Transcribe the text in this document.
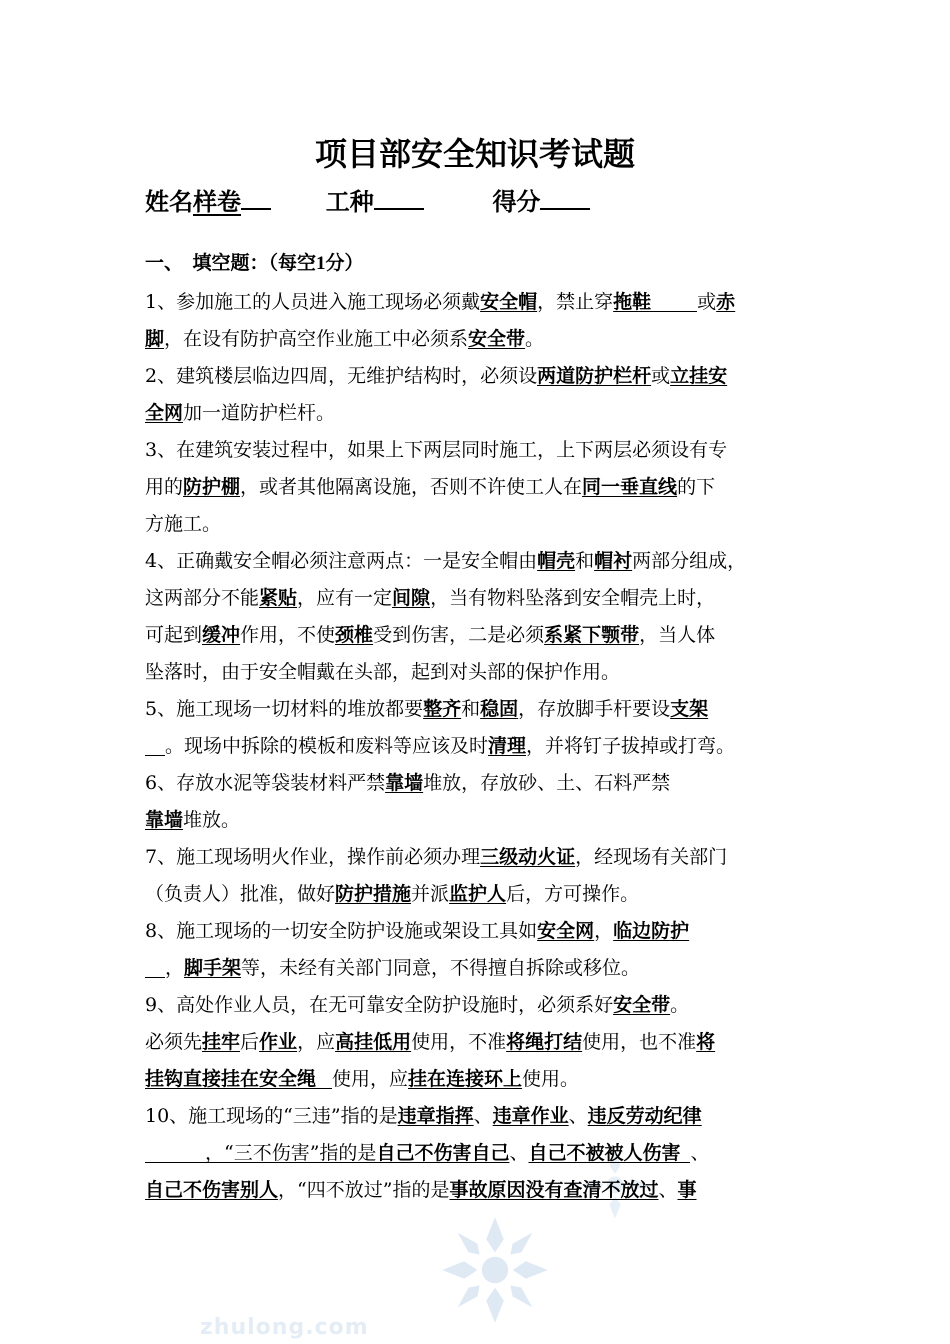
zhulong.com
项目部安全知识考试题
姓名样卷	工种	得分
一、　填空题：（每空1分）
1、参加施工的人员进入施工现场必须戴安全帽，禁止穿拖鞋 或赤
脚，在设有防护高空作业施工中必须系安全带。
2、建筑楼层临边四周，无维护结构时，必须设两道防护栏杆或立挂安
全网加一道防护栏杆。
3、在建筑安装过程中，如果上下两层同时施工，上下两层必须设有专
用的防护棚，或者其他隔离设施，否则不许使工人在同一垂直线的下
方施工。
4、正确戴安全帽必须注意两点：一是安全帽由帽壳和帽衬两部分组成，
这两部分不能紧贴，应有一定间隙，当有物料坠落到安全帽壳上时，
可起到缓冲作用，不使颈椎受到伤害，二是必须系紧下颚带，当人体
坠落时，由于安全帽戴在头部，起到对头部的保护作用。
5、施工现场一切材料的堆放都要整齐和稳固，存放脚手杆要设支架
。现场中拆除的模板和废料等应该及时清理，并将钉子拔掉或打弯。
6、存放水泥等袋装材料严禁靠墙堆放，存放砂、土、石料严禁
靠墙堆放。
7、施工现场明火作业，操作前必须办理三级动火证，经现场有关部门
（负责人）批准，做好防护措施并派监护人后，方可操作。
8、施工现场的一切安全防护设施或架设工具如安全网，临边防护
，脚手架等，未经有关部门同意，不得擅自拆除或移位。
9、高处作业人员，在无可靠安全防护设施时，必须系好安全带。
必须先挂牢后作业，应高挂低用使用，不准将绳打结使用，也不准将
挂钩直接挂在安全绳 使用，应挂在连接环上使用。
10、施工现场的“三违”指的是违章指挥、违章作业、违反劳动纪律
，“三不伤害”指的是自己不伤害自己、自己不被被人伤害 、
自己不伤害别人，“四不放过”指的是事故原因没有查清不放过、事
